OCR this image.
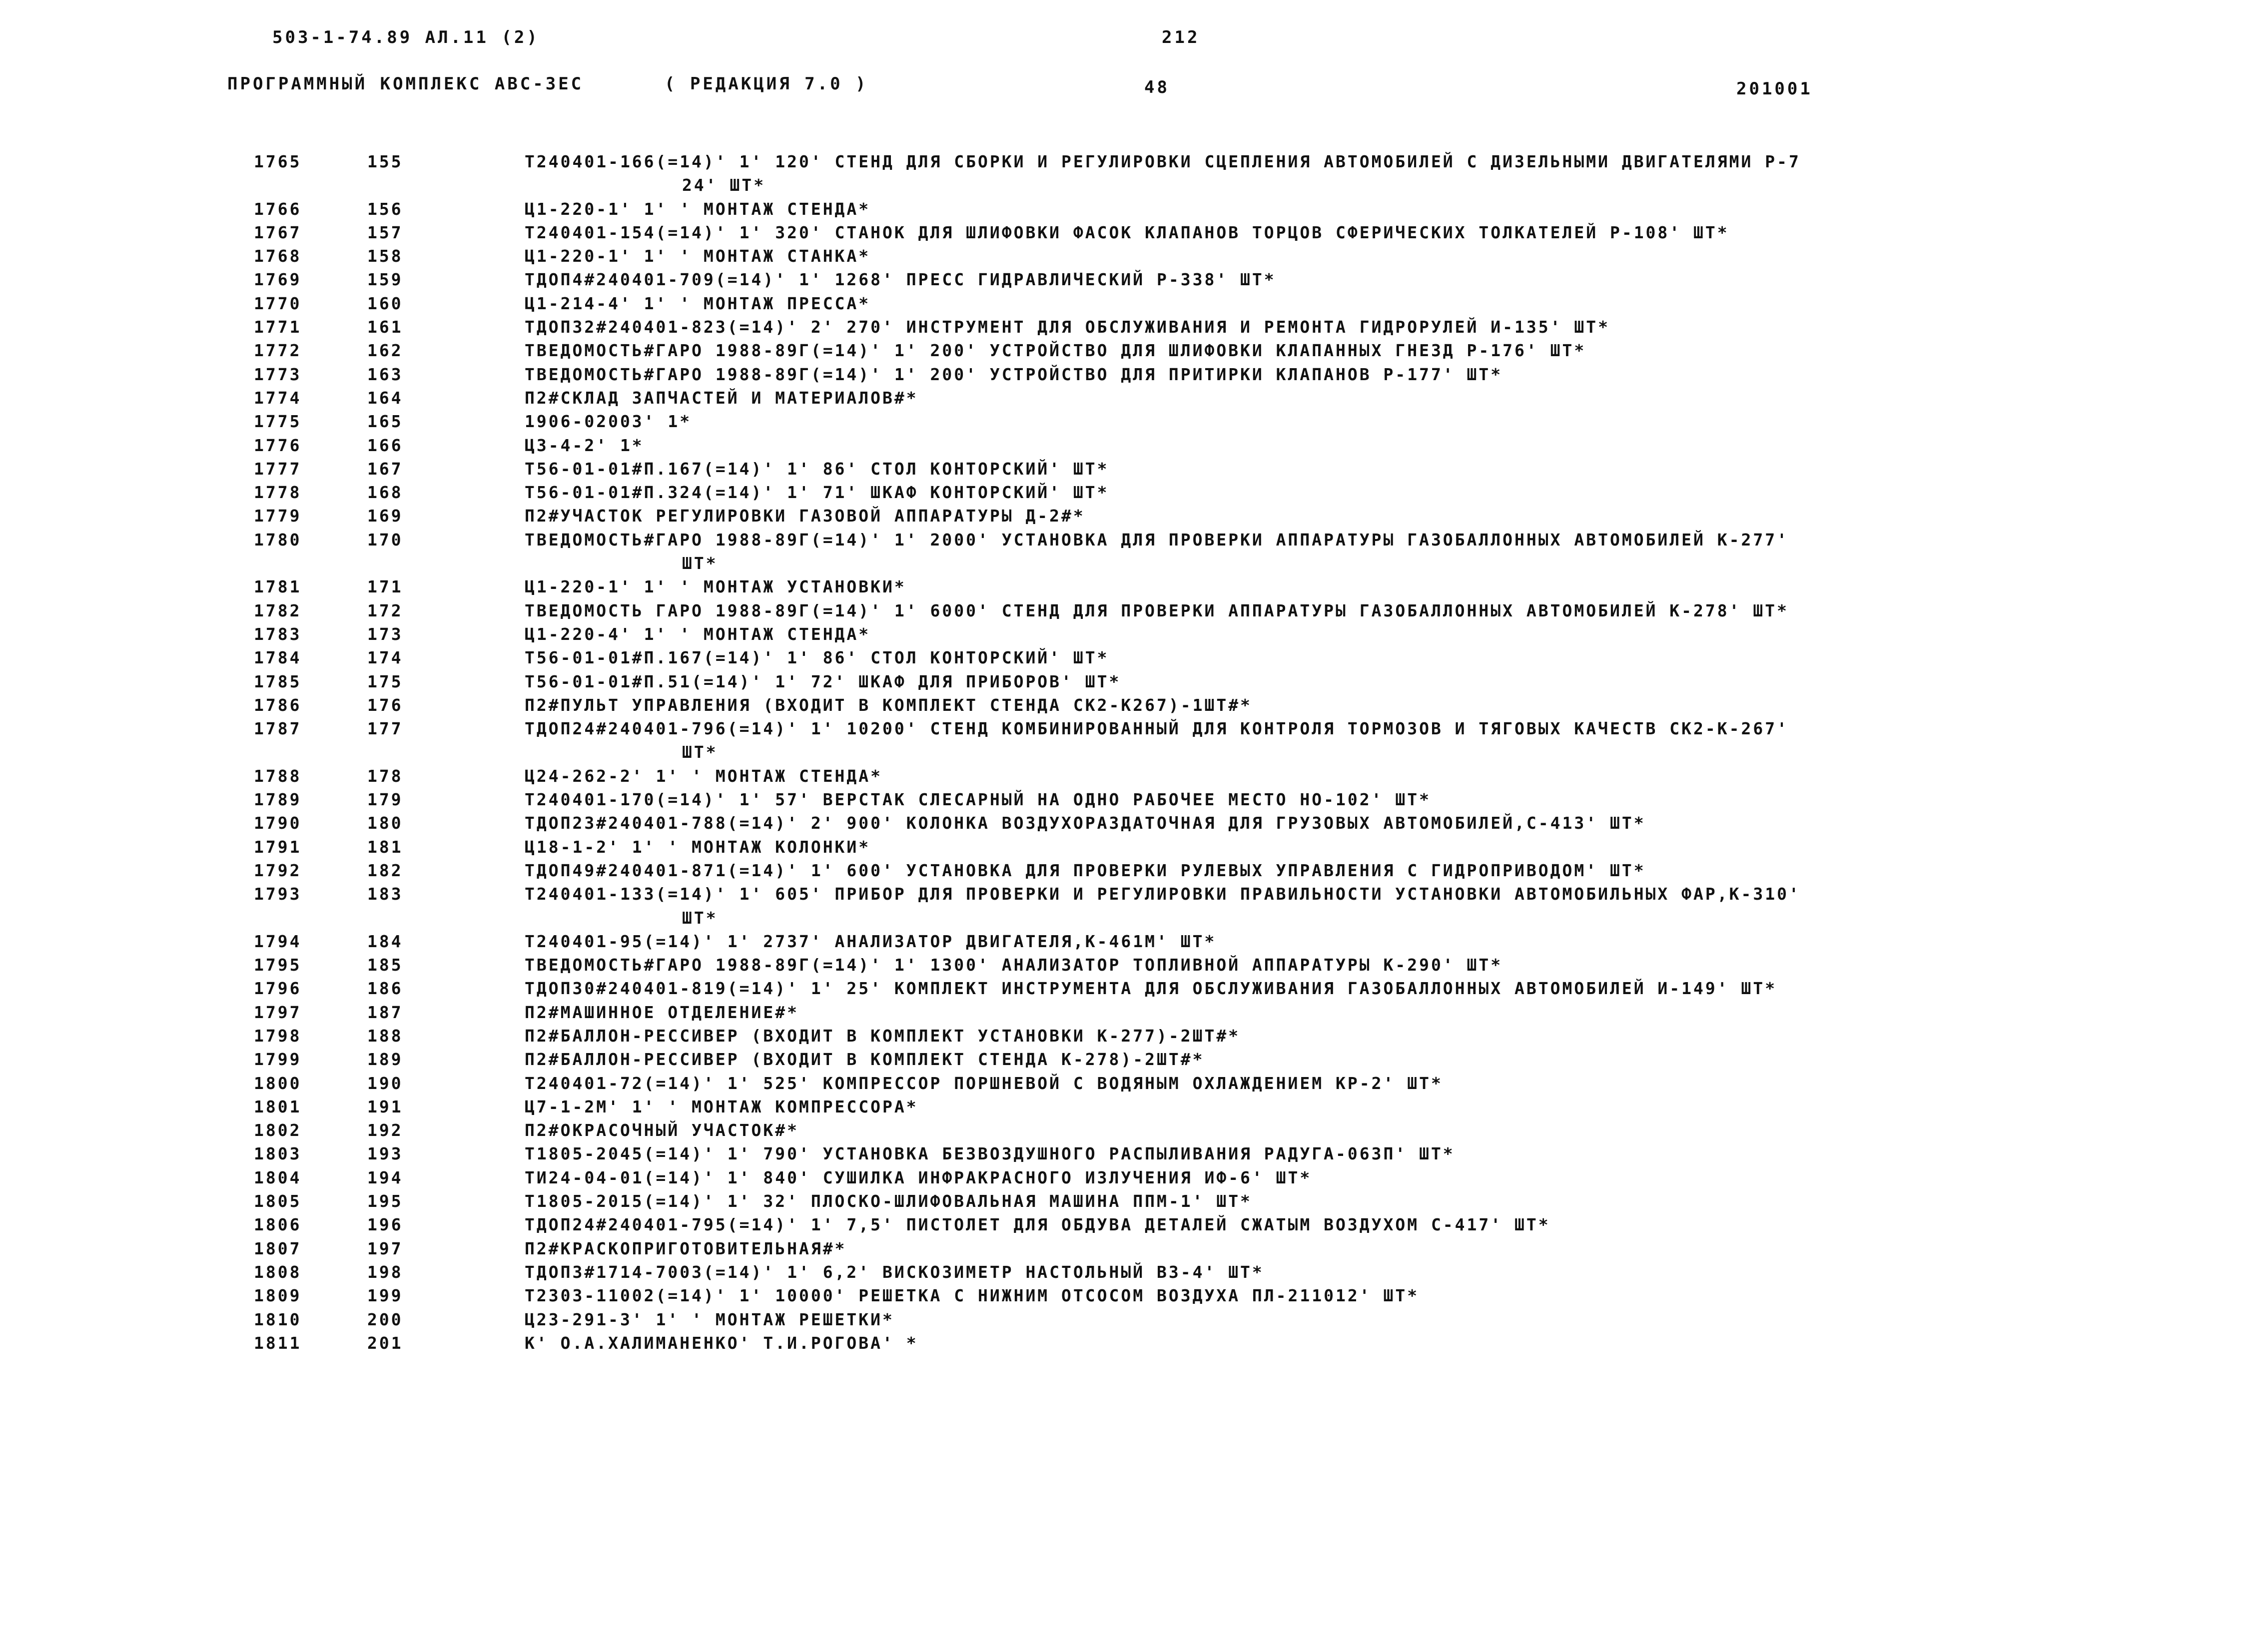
503-1-74.89 АЛ.11 (2)	212
ПРОГРАММНЫЙ КОМПЛЕКС АВС-3ЕС	( РЕДАКЦИЯ 7.0 )	48	201001
1765	155	Т240401-166(=14)' 1' 120' СТЕНД ДЛЯ СБОРКИ И РЕГУЛИРОВКИ СЦЕПЛЕНИЯ АВТОМОБИЛЕЙ С ДИЗЕЛЬНЫМИ ДВИГАТЕЛЯМИ Р-7
24' ШТ*
1766	156	Ц1-220-1' 1' ' МОНТАЖ СТЕНДА*
1767	157	Т240401-154(=14)' 1' 320' СТАНОК ДЛЯ ШЛИФОВКИ ФАСОК КЛАПАНОВ ТОРЦОВ СФЕРИЧЕСКИХ ТОЛКАТЕЛЕЙ Р-108' ШТ*
1768	158	Ц1-220-1' 1' ' МОНТАЖ СТАНКА*
1769	159	ТДОП4#240401-709(=14)' 1' 1268' ПРЕСС ГИДРАВЛИЧЕСКИЙ Р-338' ШТ*
1770	160	Ц1-214-4' 1' ' МОНТАЖ ПРЕССА*
1771	161	ТДОП32#240401-823(=14)' 2' 270' ИНСТРУМЕНТ ДЛЯ ОБСЛУЖИВАНИЯ И РЕМОНТА ГИДРОРУЛЕЙ И-135' ШТ*
1772	162	ТВЕДОМОСТЬ#ГАРО 1988-89Г(=14)' 1' 200' УСТРОЙСТВО ДЛЯ ШЛИФОВКИ КЛАПАННЫХ ГНЕЗД Р-176' ШТ*
1773	163	ТВЕДОМОСТЬ#ГАРО 1988-89Г(=14)' 1' 200' УСТРОЙСТВО ДЛЯ ПРИТИРКИ КЛАПАНОВ Р-177' ШТ*
1774	164	П2#СКЛАД ЗАПЧАСТЕЙ И МАТЕРИАЛОВ#*
1775	165	1906-02003' 1*
1776	166	Ц3-4-2' 1*
1777	167	Т56-01-01#П.167(=14)' 1' 86' СТОЛ КОНТОРСКИЙ' ШТ*
1778	168	Т56-01-01#П.324(=14)' 1' 71' ШКАФ КОНТОРСКИЙ' ШТ*
1779	169	П2#УЧАСТОК РЕГУЛИРОВКИ ГАЗОВОЙ АППАРАТУРЫ Д-2#*
1780	170	ТВЕДОМОСТЬ#ГАРО 1988-89Г(=14)' 1' 2000' УСТАНОВКА ДЛЯ ПРОВЕРКИ АППАРАТУРЫ ГАЗОБАЛЛОННЫХ АВТОМОБИЛЕЙ К-277'
ШТ*
1781	171	Ц1-220-1' 1' ' МОНТАЖ УСТАНОВКИ*
1782	172	ТВЕДОМОСТЬ ГАРО 1988-89Г(=14)' 1' 6000' СТЕНД ДЛЯ ПРОВЕРКИ АППАРАТУРЫ ГАЗОБАЛЛОННЫХ АВТОМОБИЛЕЙ К-278' ШТ*
1783	173	Ц1-220-4' 1' ' МОНТАЖ СТЕНДА*
1784	174	Т56-01-01#П.167(=14)' 1' 86' СТОЛ КОНТОРСКИЙ' ШТ*
1785	175	Т56-01-01#П.51(=14)' 1' 72' ШКАФ ДЛЯ ПРИБОРОВ' ШТ*
1786	176	П2#ПУЛЬТ УПРАВЛЕНИЯ (ВХОДИТ В КОМПЛЕКТ СТЕНДА СК2-К267)-1ШТ#*
1787	177	ТДОП24#240401-796(=14)' 1' 10200' СТЕНД КОМБИНИРОВАННЫЙ ДЛЯ КОНТРОЛЯ ТОРМОЗОВ И ТЯГОВЫХ КАЧЕСТВ СК2-К-267'
ШТ*
1788	178	Ц24-262-2' 1' ' МОНТАЖ СТЕНДА*
1789	179	Т240401-170(=14)' 1' 57' ВЕРСТАК СЛЕСАРНЫЙ НА ОДНО РАБОЧЕЕ МЕСТО НО-102' ШТ*
1790	180	ТДОП23#240401-788(=14)' 2' 900' КОЛОНКА ВОЗДУХОРАЗДАТОЧНАЯ ДЛЯ ГРУЗОВЫХ АВТОМОБИЛЕЙ,С-413' ШТ*
1791	181	Ц18-1-2' 1' ' МОНТАЖ КОЛОНКИ*
1792	182	ТДОП49#240401-871(=14)' 1' 600' УСТАНОВКА ДЛЯ ПРОВЕРКИ РУЛЕВЫХ УПРАВЛЕНИЯ С ГИДРОПРИВОДОМ' ШТ*
1793	183	Т240401-133(=14)' 1' 605' ПРИБОР ДЛЯ ПРОВЕРКИ И РЕГУЛИРОВКИ ПРАВИЛЬНОСТИ УСТАНОВКИ АВТОМОБИЛЬНЫХ ФАР,К-310'
ШТ*
1794	184	Т240401-95(=14)' 1' 2737' АНАЛИЗАТОР ДВИГАТЕЛЯ,К-461М' ШТ*
1795	185	ТВЕДОМОСТЬ#ГАРО 1988-89Г(=14)' 1' 1300' АНАЛИЗАТОР ТОПЛИВНОЙ АППАРАТУРЫ К-290' ШТ*
1796	186	ТДОП30#240401-819(=14)' 1' 25' КОМПЛЕКТ ИНСТРУМЕНТА ДЛЯ ОБСЛУЖИВАНИЯ ГАЗОБАЛЛОННЫХ АВТОМОБИЛЕЙ И-149' ШТ*
1797	187	П2#МАШИННОЕ ОТДЕЛЕНИЕ#*
1798	188	П2#БАЛЛОН-РЕССИВЕР (ВХОДИТ В КОМПЛЕКТ УСТАНОВКИ К-277)-2ШТ#*
1799	189	П2#БАЛЛОН-РЕССИВЕР (ВХОДИТ В КОМПЛЕКТ СТЕНДА К-278)-2ШТ#*
1800	190	Т240401-72(=14)' 1' 525' КОМПРЕССОР ПОРШНЕВОЙ С ВОДЯНЫМ ОХЛАЖДЕНИЕМ КР-2' ШТ*
1801	191	Ц7-1-2М' 1' ' МОНТАЖ КОМПРЕССОРА*
1802	192	П2#ОКРАСОЧНЫЙ УЧАСТОК#*
1803	193	Т1805-2045(=14)' 1' 790' УСТАНОВКА БЕЗВОЗДУШНОГО РАСПЫЛИВАНИЯ РАДУГА-063П' ШТ*
1804	194	ТИ24-04-01(=14)' 1' 840' СУШИЛКА ИНФРАКРАСНОГО ИЗЛУЧЕНИЯ ИФ-6' ШТ*
1805	195	Т1805-2015(=14)' 1' 32' ПЛОСКО-ШЛИФОВАЛЬНАЯ МАШИНА ППМ-1' ШТ*
1806	196	ТДОП24#240401-795(=14)' 1' 7,5' ПИСТОЛЕТ ДЛЯ ОБДУВА ДЕТАЛЕЙ СЖАТЫМ ВОЗДУХОМ С-417' ШТ*
1807	197	П2#КРАСКОПРИГОТОВИТЕЛЬНАЯ#*
1808	198	ТДОП3#1714-7003(=14)' 1' 6,2' ВИСКОЗИМЕТР НАСТОЛЬНЫЙ ВЗ-4' ШТ*
1809	199	Т2303-11002(=14)' 1' 10000' РЕШЕТКА С НИЖНИМ ОТСОСОМ ВОЗДУХА ПЛ-211012' ШТ*
1810	200	Ц23-291-3' 1' ' МОНТАЖ РЕШЕТКИ*
1811	201	К' О.А.ХАЛИМАНЕНКО' Т.И.РОГОВА' *
